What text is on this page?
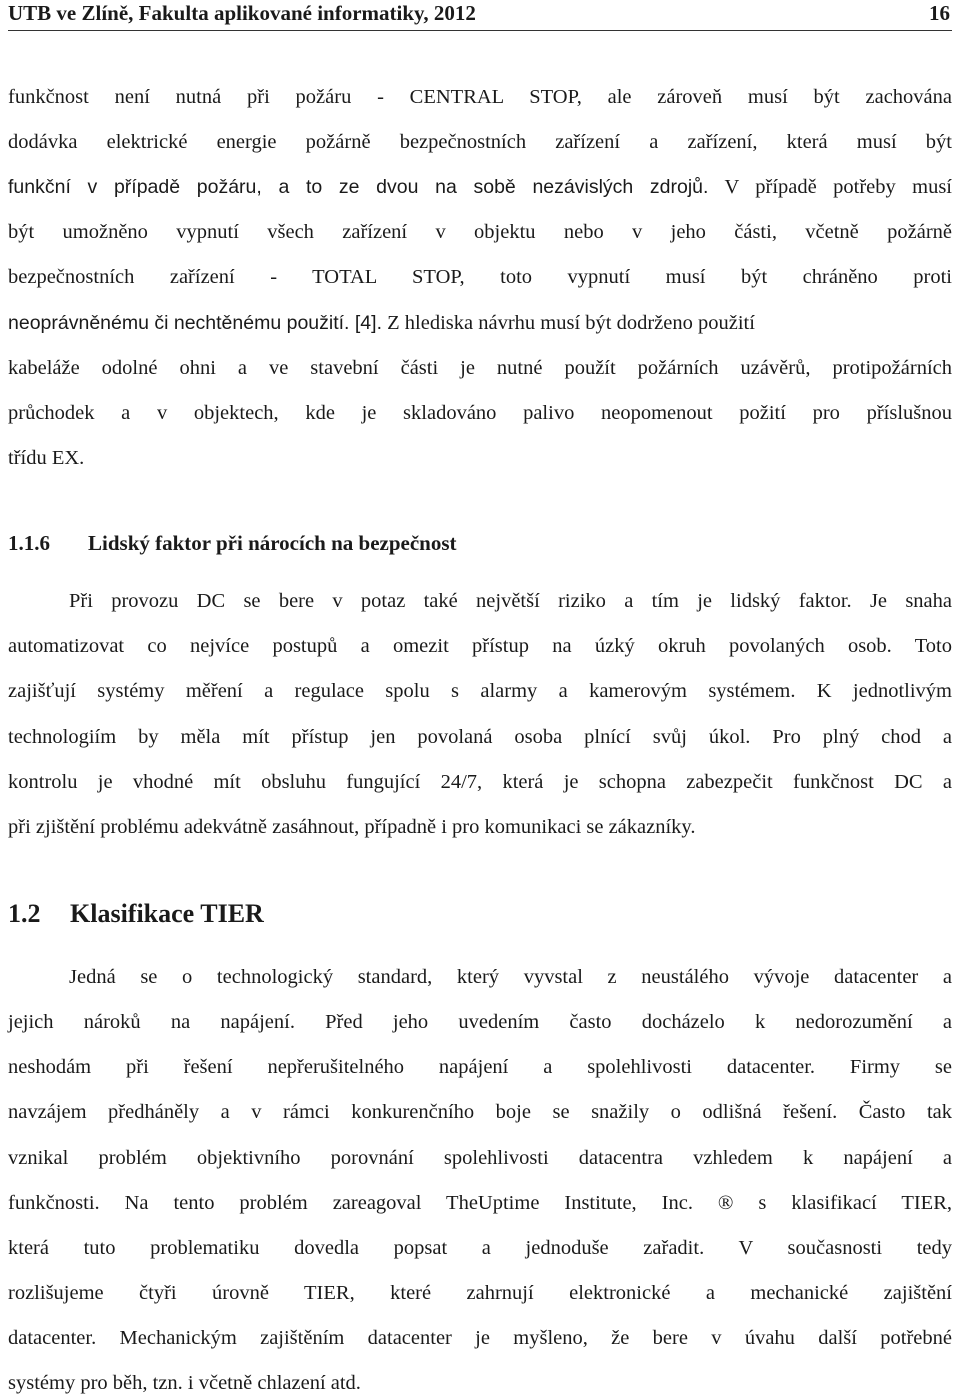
UTB ve Zlíně, Fakulta aplikované informatiky, 2012	16
funkčnost není nutná při požáru - CENTRAL STOP, ale zároveň musí být zachována
dodávka elektrické energie požárně bezpečnostních zařízení a zařízení, která musí být
funkční v případě požáru, a to ze dvou na sobě nezávislých zdrojů. V případě potřeby musí
být umožněno vypnutí všech zařízení v objektu nebo v jeho části, včetně požárně
bezpečnostních zařízení - TOTAL STOP, toto vypnutí musí být chráněno proti
neoprávněnému či nechtěnému použití. [4]. Z hlediska návrhu musí být dodrženo použití
kabeláže odolné ohni a ve stavební části je nutné použít požárních uzávěrů, protipožárních
průchodek a v objektech, kde je skladováno palivo neopomenout požití pro příslušnou
třídu EX.
1.1.6 Lidský faktor při nárocích na bezpečnost
Při provozu DC se bere v potaz také největší riziko a tím je lidský faktor. Je snaha
automatizovat co nejvíce postupů a omezit přístup na úzký okruh povolaných osob. Toto
zajišťují systémy měření a regulace spolu s alarmy a kamerovým systémem. K jednotlivým
technologiím by měla mít přístup jen povolaná osoba plnící svůj úkol. Pro plný chod a
kontrolu je vhodné mít obsluhu fungující 24/7, která je schopna zabezpečit funkčnost DC a
při zjištění problému adekvátně zasáhnout, případně i pro komunikaci se zákazníky.
1.2 Klasifikace TIER
Jedná se o technologický standard, který vyvstal z neustálého vývoje datacenter a
jejich nároků na napájení. Před jeho uvedením často docházelo k nedorozumění a
neshodám při řešení nepřerušitelného napájení a spolehlivosti datacenter. Firmy se
navzájem předháněly a v rámci konkurenčního boje se snažily o odlišná řešení. Často tak
vznikal problém objektivního porovnání spolehlivosti datacentra vzhledem k napájení a
funkčnosti. Na tento problém zareagoval TheUptime Institute, Inc. ® s klasifikací TIER,
která tuto problematiku dovedla popsat a jednoduše zařadit. V současnosti tedy
rozlišujeme čtyři úrovně TIER, které zahrnují elektronické a mechanické zajištění
datacenter. Mechanickým zajištěním datacenter je myšleno, že bere v úvahu další potřebné
systémy pro běh, tzn. i včetně chlazení atd.
